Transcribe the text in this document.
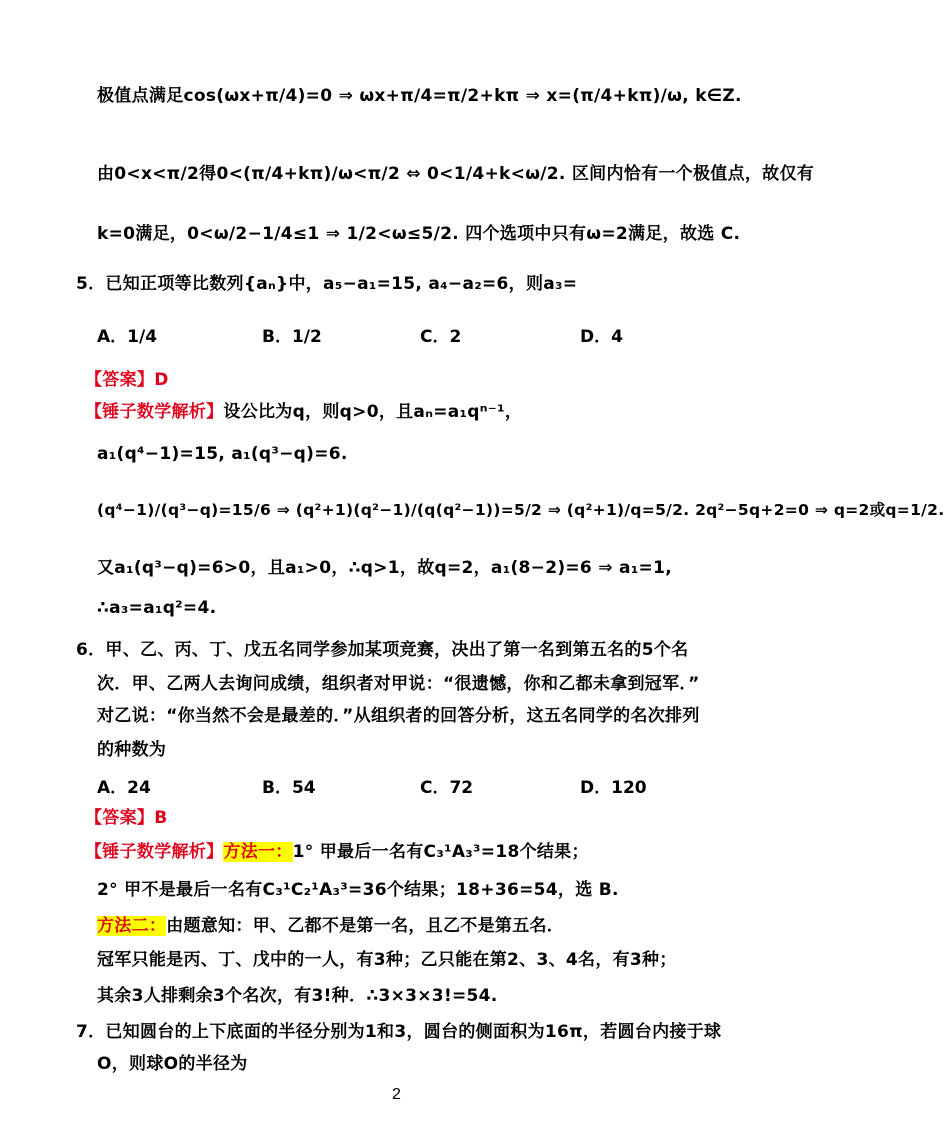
极值点满足cos(ωx+π/4)=0 ⇒ ωx+π/4=π/2+kπ ⇒ x=(π/4+kπ)/ω, k∈Z.
由0<x<π/2得0<(π/4+kπ)/ω<π/2 ⇔ 0<1/4+k<ω/2. 区间内恰有一个极值点，故仅有
k=0满足，0<ω/2−1/4≤1 ⇒ 1/2<ω≤5/2. 四个选项中只有ω=2满足，故选 C.
5．已知正项等比数列{aₙ}中，a₅−a₁=15, a₄−a₂=6，则a₃=
A．1/4	B．1/2	C．2	D．4
【答案】D
【锤子数学解析】设公比为q，则q>0，且aₙ=a₁qⁿ⁻¹，
a₁(q⁴−1)=15, a₁(q³−q)=6.
(q⁴−1)/(q³−q)=15/6 ⇒ (q²+1)(q²−1)/(q(q²−1))=5/2 ⇒ (q²+1)/q=5/2. 2q²−5q+2=0 ⇒ q=2或q=1/2.
又a₁(q³−q)=6>0，且a₁>0，∴q>1，故q=2，a₁(8−2)=6 ⇒ a₁=1,
∴a₃=a₁q²=4.
6．甲、乙、丙、丁、戊五名同学参加某项竞赛，决出了第一名到第五名的5个名
次．甲、乙两人去询问成绩，组织者对甲说：“很遗憾，你和乙都未拿到冠军．”
对乙说：“你当然不会是最差的．”从组织者的回答分析，这五名同学的名次排列
的种数为
A．24	B．54	C．72	D．120
【答案】B
【锤子数学解析】方法一：1° 甲最后一名有C₃¹A₃³=18个结果；
2° 甲不是最后一名有C₃¹C₂¹A₃³=36个结果；18+36=54，选 B.
方法二：由题意知：甲、乙都不是第一名，且乙不是第五名．
冠军只能是丙、丁、戊中的一人，有3种；乙只能在第2、3、4名，有3种；
其余3人排剩余3个名次，有3!种．∴3×3×3!=54.
7．已知圆台的上下底面的半径分别为1和3，圆台的侧面积为16π，若圆台内接于球
O，则球O的半径为
2
